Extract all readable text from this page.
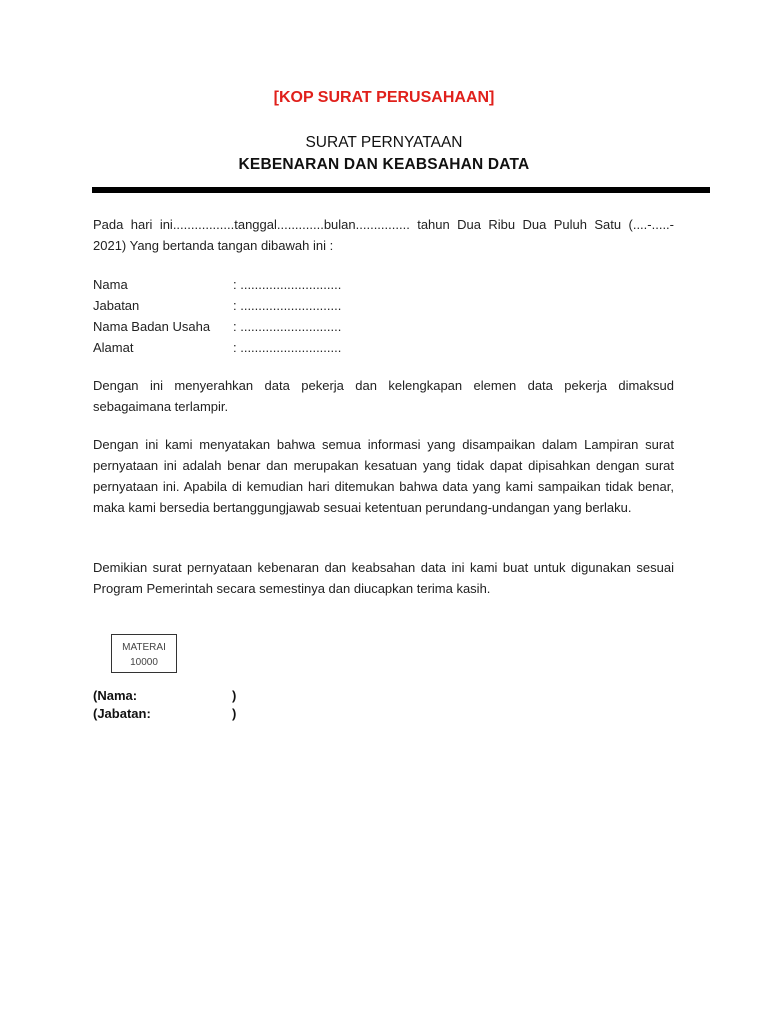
[KOP SURAT PERUSAHAAN]
SURAT PERNYATAAN
KEBENARAN DAN KEABSAHAN DATA
Pada hari ini.................tanggal.............bulan............... tahun Dua Ribu Dua Puluh Satu (....-.....- 2021) Yang bertanda tangan dibawah ini :
Nama	: ............................
Jabatan	: ............................
Nama Badan Usaha	: ............................
Alamat	: ............................
Dengan ini menyerahkan data pekerja dan kelengkapan elemen data pekerja dimaksud sebagaimana terlampir.
Dengan ini kami menyatakan bahwa semua informasi yang disampaikan dalam Lampiran surat pernyataan ini adalah benar dan merupakan kesatuan yang tidak dapat dipisahkan dengan surat pernyataan ini. Apabila di kemudian hari ditemukan bahwa data yang kami sampaikan tidak benar, maka kami bersedia bertanggungjawab sesuai ketentuan perundang-undangan yang berlaku.
Demikian surat pernyataan kebenaran dan keabsahan data ini kami buat untuk digunakan sesuai Program Pemerintah secara semestinya dan diucapkan terima kasih.
MATERAI
10000
(Nama:	)
(Jabatan:	)
